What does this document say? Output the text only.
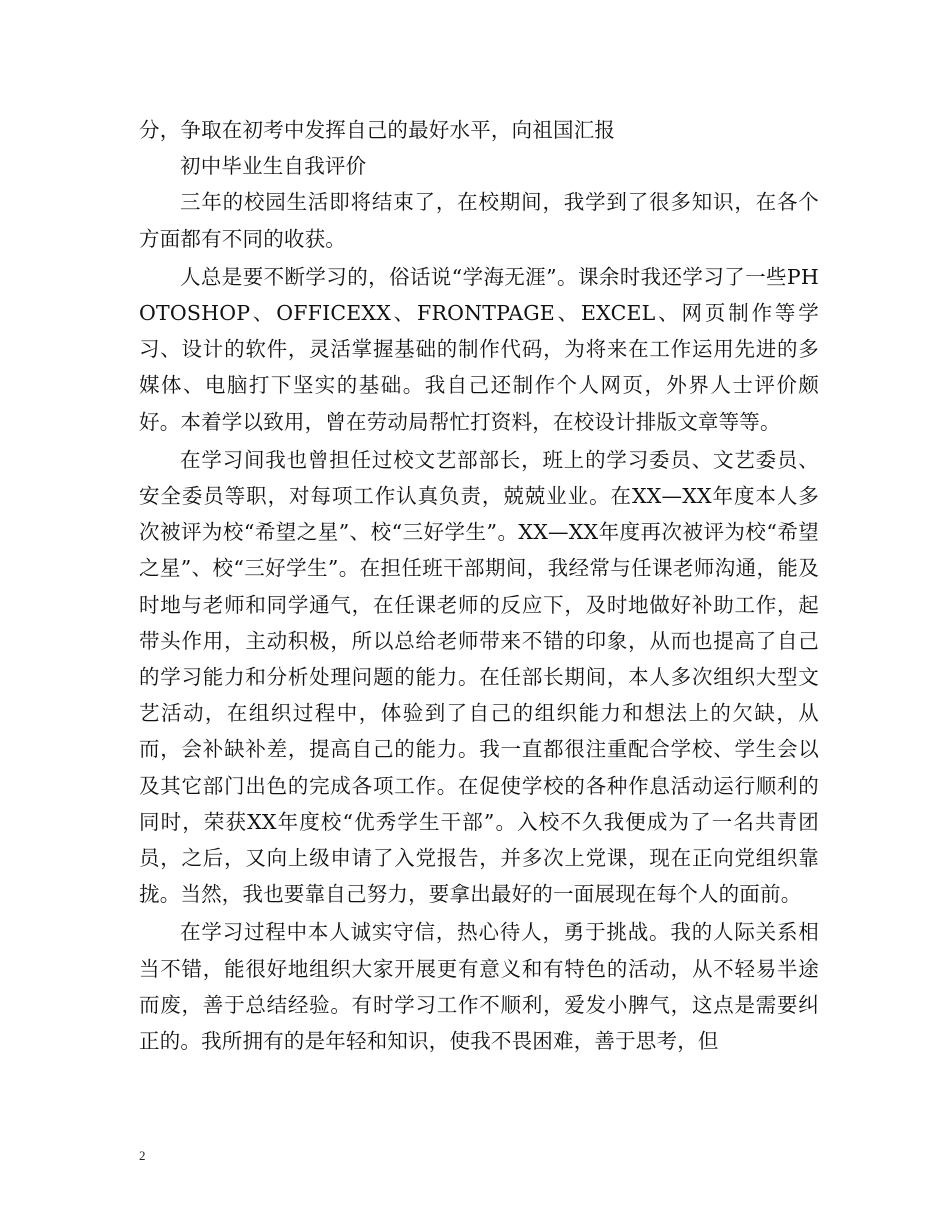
分，争取在初考中发挥自己的最好水平，向祖国汇报

初中毕业生自我评价

三年的校园生活即将结束了，在校期间，我学到了很多知识，在各个方面都有不同的收获。

人总是要不断学习的，俗话说“学海无涯”。课余时我还学习了一些PHOTOSHOP、OFFICEXX、FRONTPAGE、EXCEL、网页制作等学习、设计的软件，灵活掌握基础的制作代码，为将来在工作运用先进的多媒体、电脑打下坚实的基础。我自己还制作个人网页，外界人士评价颇好。本着学以致用，曾在劳动局帮忙打资料，在校设计排版文章等等。

在学习间我也曾担任过校文艺部部长，班上的学习委员、文艺委员、安全委员等职，对每项工作认真负责，兢兢业业。在XX—XX年度本人多次被评为校“希望之星”、校“三好学生”。XX—XX年度再次被评为校“希望之星”、校“三好学生”。在担任班干部期间，我经常与任课老师沟通，能及时地与老师和同学通气，在任课老师的反应下，及时地做好补助工作，起带头作用，主动积极，所以总给老师带来不错的印象，从而也提高了自己的学习能力和分析处理问题的能力。在任部长期间，本人多次组织大型文艺活动，在组织过程中，体验到了自己的组织能力和想法上的欠缺，从而，会补缺补差，提高自己的能力。我一直都很注重配合学校、学生会以及其它部门出色的完成各项工作。在促使学校的各种作息活动运行顺利的同时，荣获XX年度校“优秀学生干部”。入校不久我便成为了一名共青团员，之后，又向上级申请了入党报告，并多次上党课，现在正向党组织靠拢。当然，我也要靠自己努力，要拿出最好的一面展现在每个人的面前。

在学习过程中本人诚实守信，热心待人，勇于挑战。我的人际关系相当不错，能很好地组织大家开展更有意义和有特色的活动，从不轻易半途而废，善于总结经验。有时学习工作不顺利，爱发小脾气，这点是需要纠正的。我所拥有的是年轻和知识，使我不畏困难，善于思考，但

2
